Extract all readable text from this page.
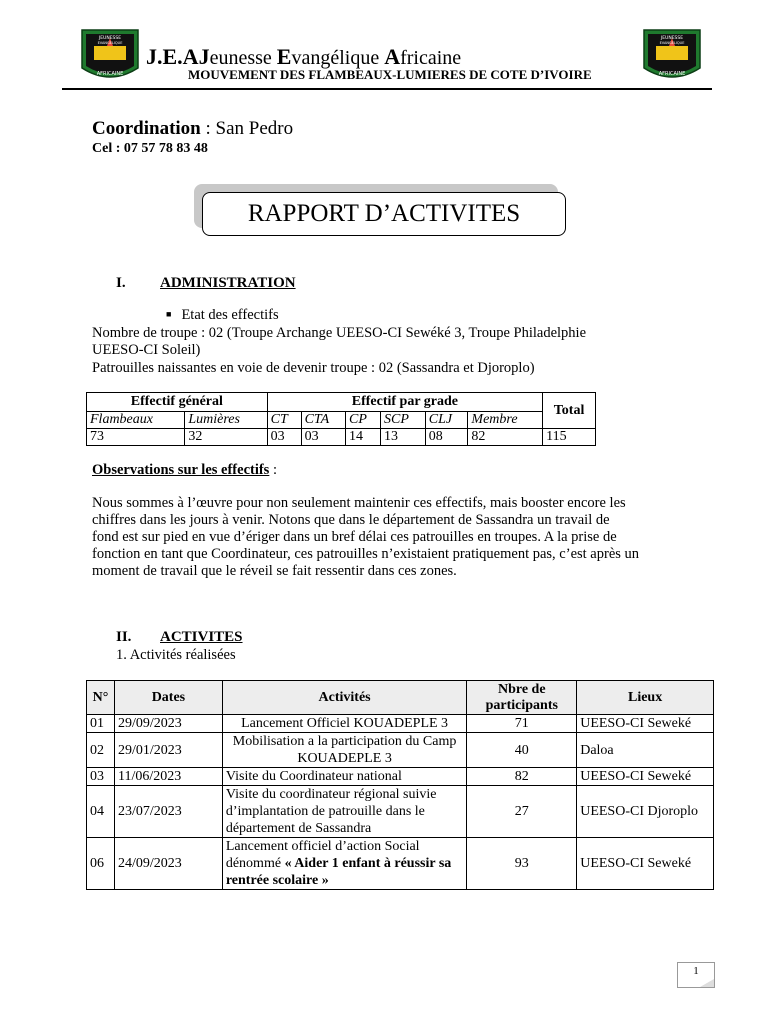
JEUNESSE
EVANGELIQUE
AFRICAINE
JEUNESSE
EVANGELIQUE
AFRICAINE
J.E.AJeunesse Evangélique Africaine
MOUVEMENT DES FLAMBEAUX-LUMIERES DE COTE D’IVOIRE
Coordination : San Pedro
Cel : 07 57 78 83 48
RAPPORT D’ACTIVITES
I. ADMINISTRATION
■ Etat des effectifs
Nombre de troupe : 02 (Troupe Archange UEESO-CI Sewéké 3, Troupe Philadelphie
UEESO-CI Soleil)
Patrouilles naissantes en voie de devenir troupe : 02 (Sassandra et Djoroplo)
Effectif général		Effectif par grade						Total
Flambeaux	Lumières	CT	CTA	CP	SCP	CLJ	Membre	
73	32	03	03	14	13	08	82	115
Observations sur les effectifs :
Nous sommes à l’œuvre pour non seulement maintenir ces effectifs, mais booster encore les
chiffres dans les jours à venir. Notons que dans le département de Sassandra un travail de
fond est sur pied en vue d’ériger dans un bref délai ces patrouilles en troupes. A la prise de
fonction en tant que Coordinateur, ces patrouilles n’existaient pratiquement pas, c’est après un
moment de travail que le réveil se fait ressentir dans ces zones.
II. ACTIVITES
1. Activités réalisées
N°	Dates	Activités	Nbre de participants	Lieux
01	29/09/2023	Lancement Officiel KOUADEPLE 3	71	UEESO-CI Seweké
02	29/01/2023	Mobilisation a la participation du Camp KOUADEPLE 3	40	Daloa
03	11/06/2023	Visite du Coordinateur national	82	UEESO-CI Seweké
04	23/07/2023	Visite du coordinateur régional suivie d’implantation de patrouille dans le département de Sassandra	27	UEESO-CI Djoroplo
06	24/09/2023	Lancement officiel d’action Social dénommé « Aider 1 enfant à réussir sa rentrée scolaire »	93	UEESO-CI Seweké
1
